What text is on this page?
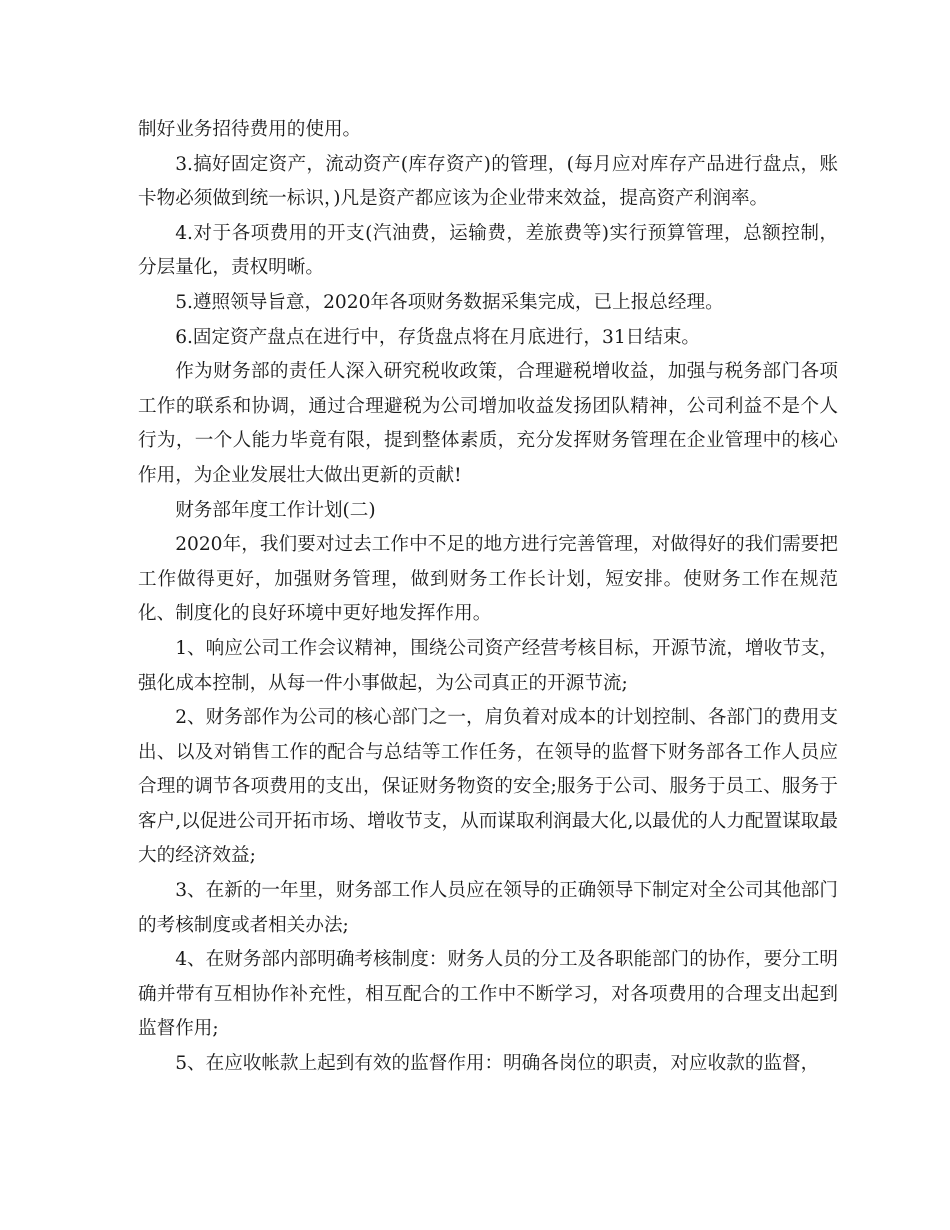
制好业务招待费用的使用。

3.搞好固定资产，流动资产(库存资产)的管理，(每月应对库存产品进行盘点，账卡物必须做到统一标识，)凡是资产都应该为企业带来效益，提高资产利润率。

4.对于各项费用的开支(汽油费，运输费，差旅费等)实行预算管理，总额控制，分层量化，责权明晰。

5.遵照领导旨意，2020年各项财务数据采集完成，已上报总经理。

6.固定资产盘点在进行中，存货盘点将在月底进行，31日结束。

作为财务部的责任人深入研究税收政策，合理避税增收益，加强与税务部门各项工作的联系和协调，通过合理避税为公司增加收益发扬团队精神，公司利益不是个人行为，一个人能力毕竟有限，提到整体素质，充分发挥财务管理在企业管理中的核心作用，为企业发展壮大做出更新的贡献!

财务部年度工作计划(二)

2020年，我们要对过去工作中不足的地方进行完善管理，对做得好的我们需要把工作做得更好，加强财务管理，做到财务工作长计划，短安排。使财务工作在规范化、制度化的良好环境中更好地发挥作用。

1、响应公司工作会议精神，围绕公司资产经营考核目标，开源节流，增收节支，强化成本控制，从每一件小事做起，为公司真正的开源节流;

2、财务部作为公司的核心部门之一，肩负着对成本的计划控制、各部门的费用支出、以及对销售工作的配合与总结等工作任务，在领导的监督下财务部各工作人员应合理的调节各项费用的支出，保证财务物资的安全;服务于公司、服务于员工、服务于客户,以促进公司开拓市场、增收节支，从而谋取利润最大化,以最优的人力配置谋取最大的经济效益;

3、在新的一年里，财务部工作人员应在领导的正确领导下制定对全公司其他部门的考核制度或者相关办法;

4、在财务部内部明确考核制度：财务人员的分工及各职能部门的协作，要分工明确并带有互相协作补充性，相互配合的工作中不断学习，对各项费用的合理支出起到监督作用;

5、在应收帐款上起到有效的监督作用：明确各岗位的职责，对应收款的监督，
